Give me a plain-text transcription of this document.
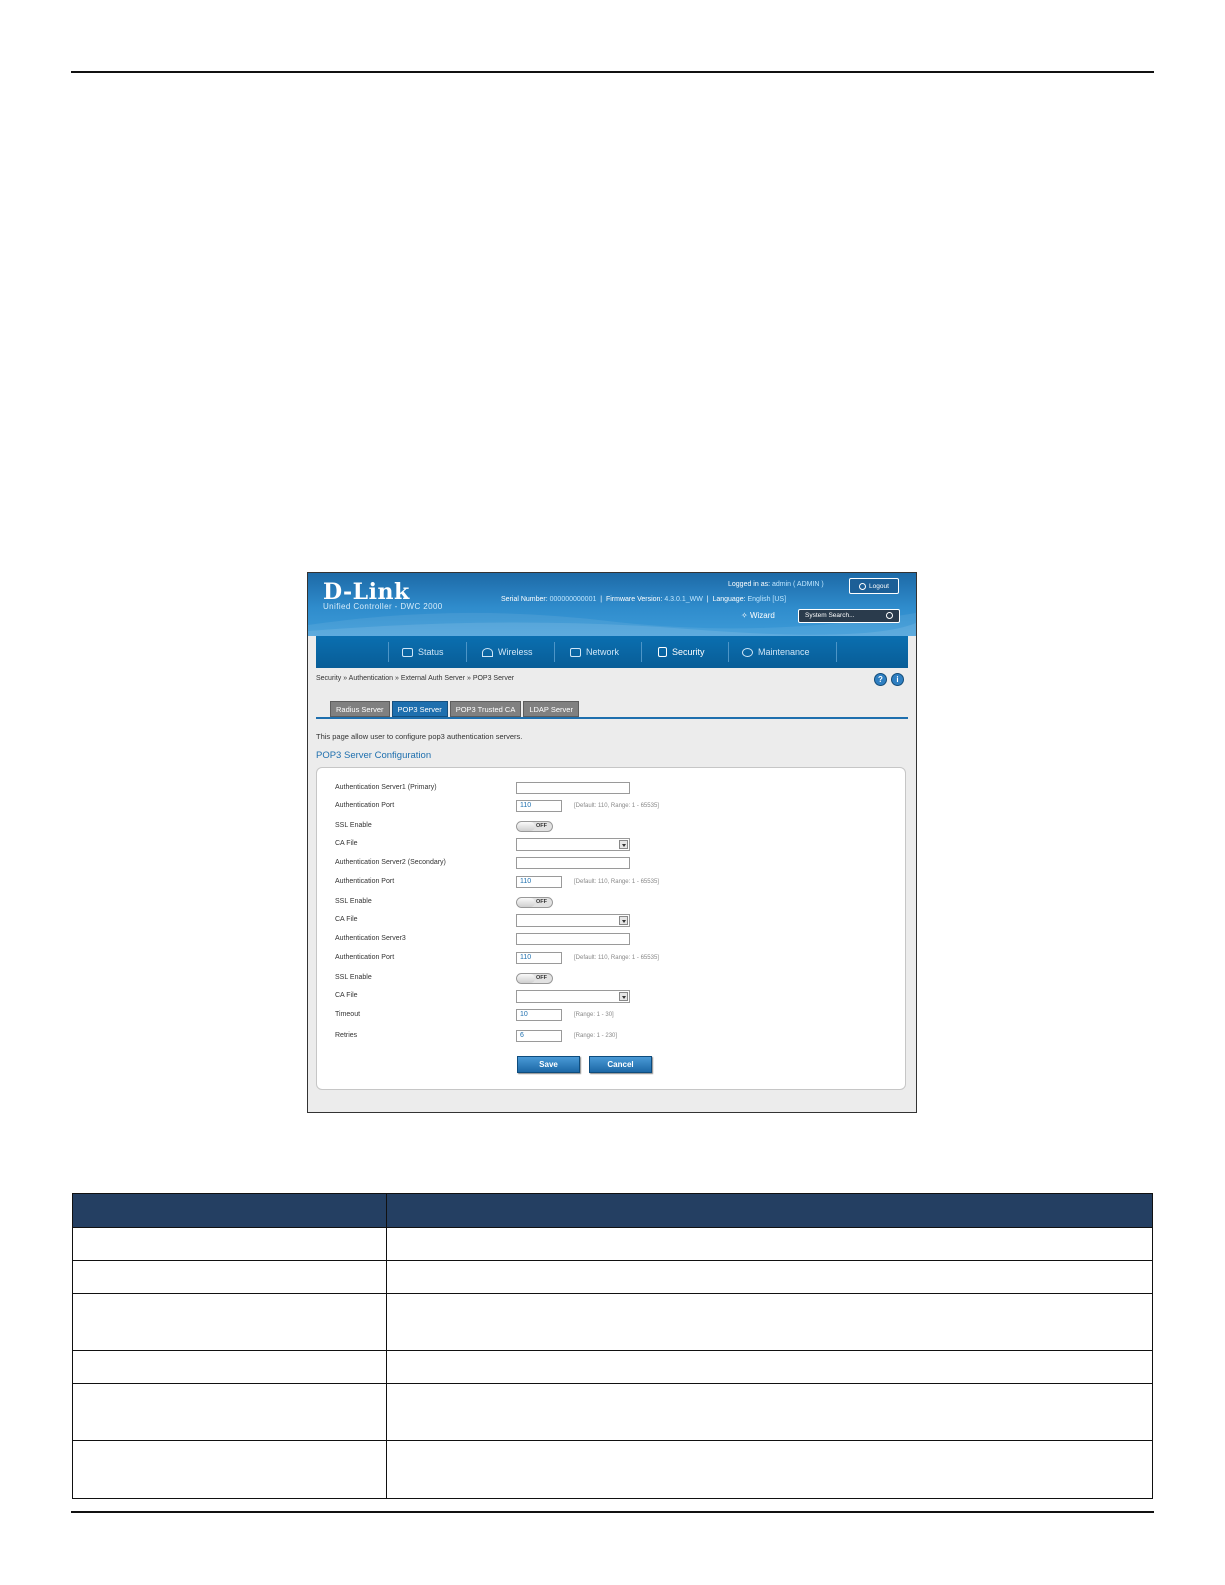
D-Link
Unified Controller - DWC 2000
Logged in as: admin ( ADMIN )	Logout
Serial Number: 000000000001  |  Firmware Version: 4.3.0.1_WW  |  Language: English [US]
✧ Wizard	System Search...
Status	Wireless	Network	Security	Maintenance
Security » Authentication » External Auth Server » POP3 Server	?	i
Radius Server	POP3 Server	POP3 Trusted CA	LDAP Server
This page allow user to configure pop3 authentication servers.
POP3 Server Configuration
Authentication Server1 (Primary)
Authentication Port	110	[Default: 110, Range: 1 - 65535]
SSL Enable	OFF
CA File
Authentication Server2 (Secondary)
Authentication Port	110	[Default: 110, Range: 1 - 65535]
SSL Enable	OFF
CA File
Authentication Server3
Authentication Port	110	[Default: 110, Range: 1 - 65535]
SSL Enable	OFF
CA File
Timeout	10	[Range: 1 - 30]
Retries	6	[Range: 1 - 230]
Save	Cancel
